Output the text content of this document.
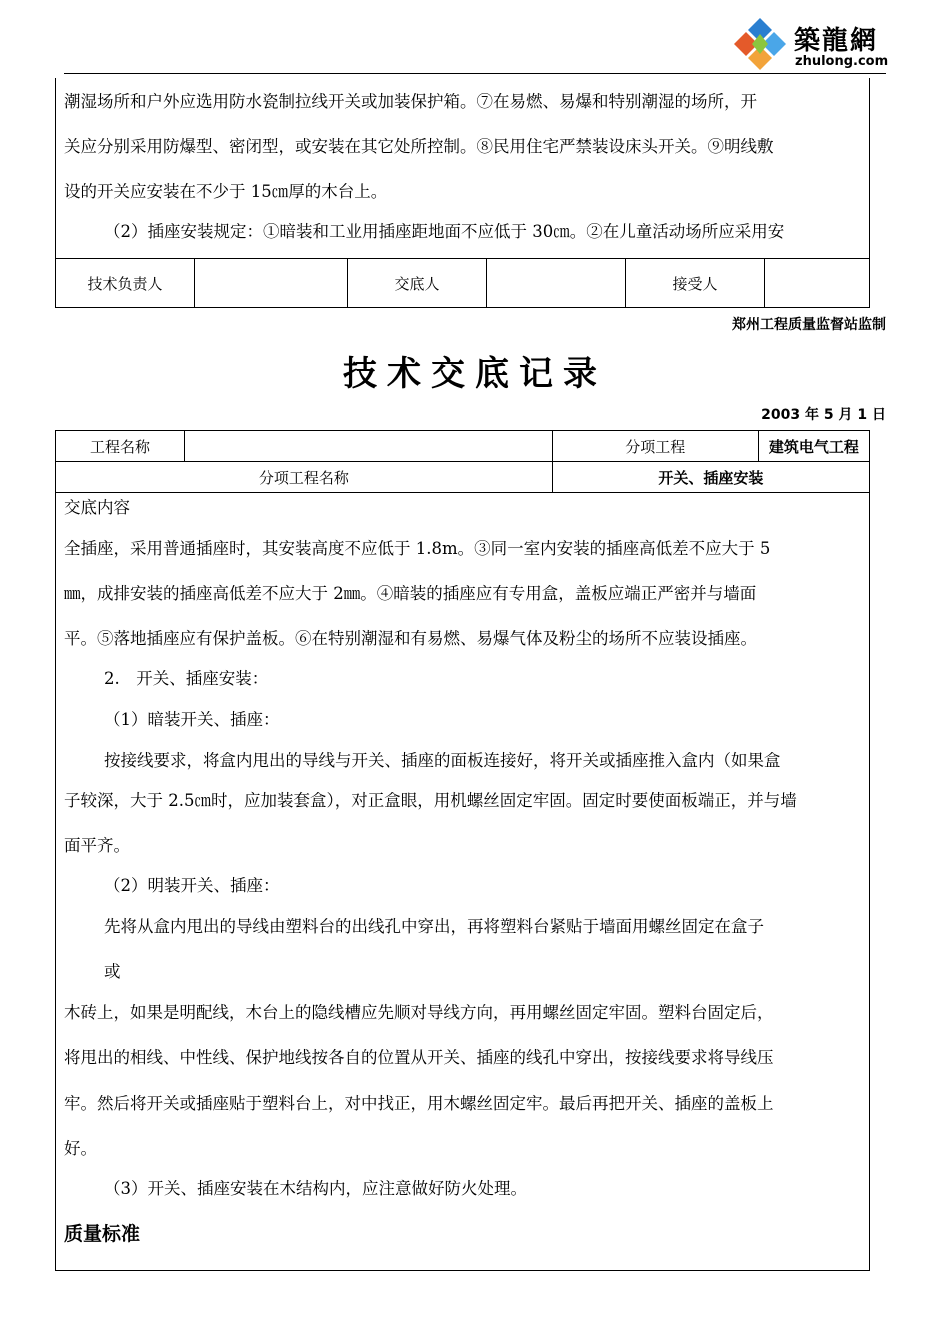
築龍網
zhulong.com
潮湿场所和户外应选用防水瓷制拉线开关或加装保护箱。⑦在易燃、易爆和特别潮湿的场所，开
关应分别采用防爆型、密闭型，或安装在其它处所控制。⑧民用住宅严禁装设床头开关。⑨明线敷
设的开关应安装在不少于 15㎝厚的木台上。
（2）插座安装规定：①暗装和工业用插座距地面不应低于 30㎝。②在儿童活动场所应采用安
技术负责人		交底人		接受人	
郑州工程质量监督站监制
技术交底记录
2003 年 5 月 1 日
工程名称		分项工程	建筑电气工程
分项工程名称		开关、插座安装	
交底内容
全插座，采用普通插座时，其安装高度不应低于 1.8m。③同一室内安装的插座高低差不应大于 5
㎜，成排安装的插座高低差不应大于 2㎜。④暗装的插座应有专用盒，盖板应端正严密并与墙面
平。⑤落地插座应有保护盖板。⑥在特别潮湿和有易燃、易爆气体及粉尘的场所不应装设插座。
2.　开关、插座安装：
（1）暗装开关、插座：
按接线要求，将盒内甩出的导线与开关、插座的面板连接好，将开关或插座推入盒内（如果盒
子较深，大于 2.5㎝时，应加装套盒），对正盒眼，用机螺丝固定牢固。固定时要使面板端正，并与墙
面平齐。
（2）明装开关、插座：
先将从盒内甩出的导线由塑料台的出线孔中穿出，再将塑料台紧贴于墙面用螺丝固定在盒子
或
木砖上，如果是明配线，木台上的隐线槽应先顺对导线方向，再用螺丝固定牢固。塑料台固定后，
将甩出的相线、中性线、保护地线按各自的位置从开关、插座的线孔中穿出，按接线要求将导线压
牢。然后将开关或插座贴于塑料台上，对中找正，用木螺丝固定牢。最后再把开关、插座的盖板上
好。
（3）开关、插座安装在木结构内，应注意做好防火处理。
质量标准
